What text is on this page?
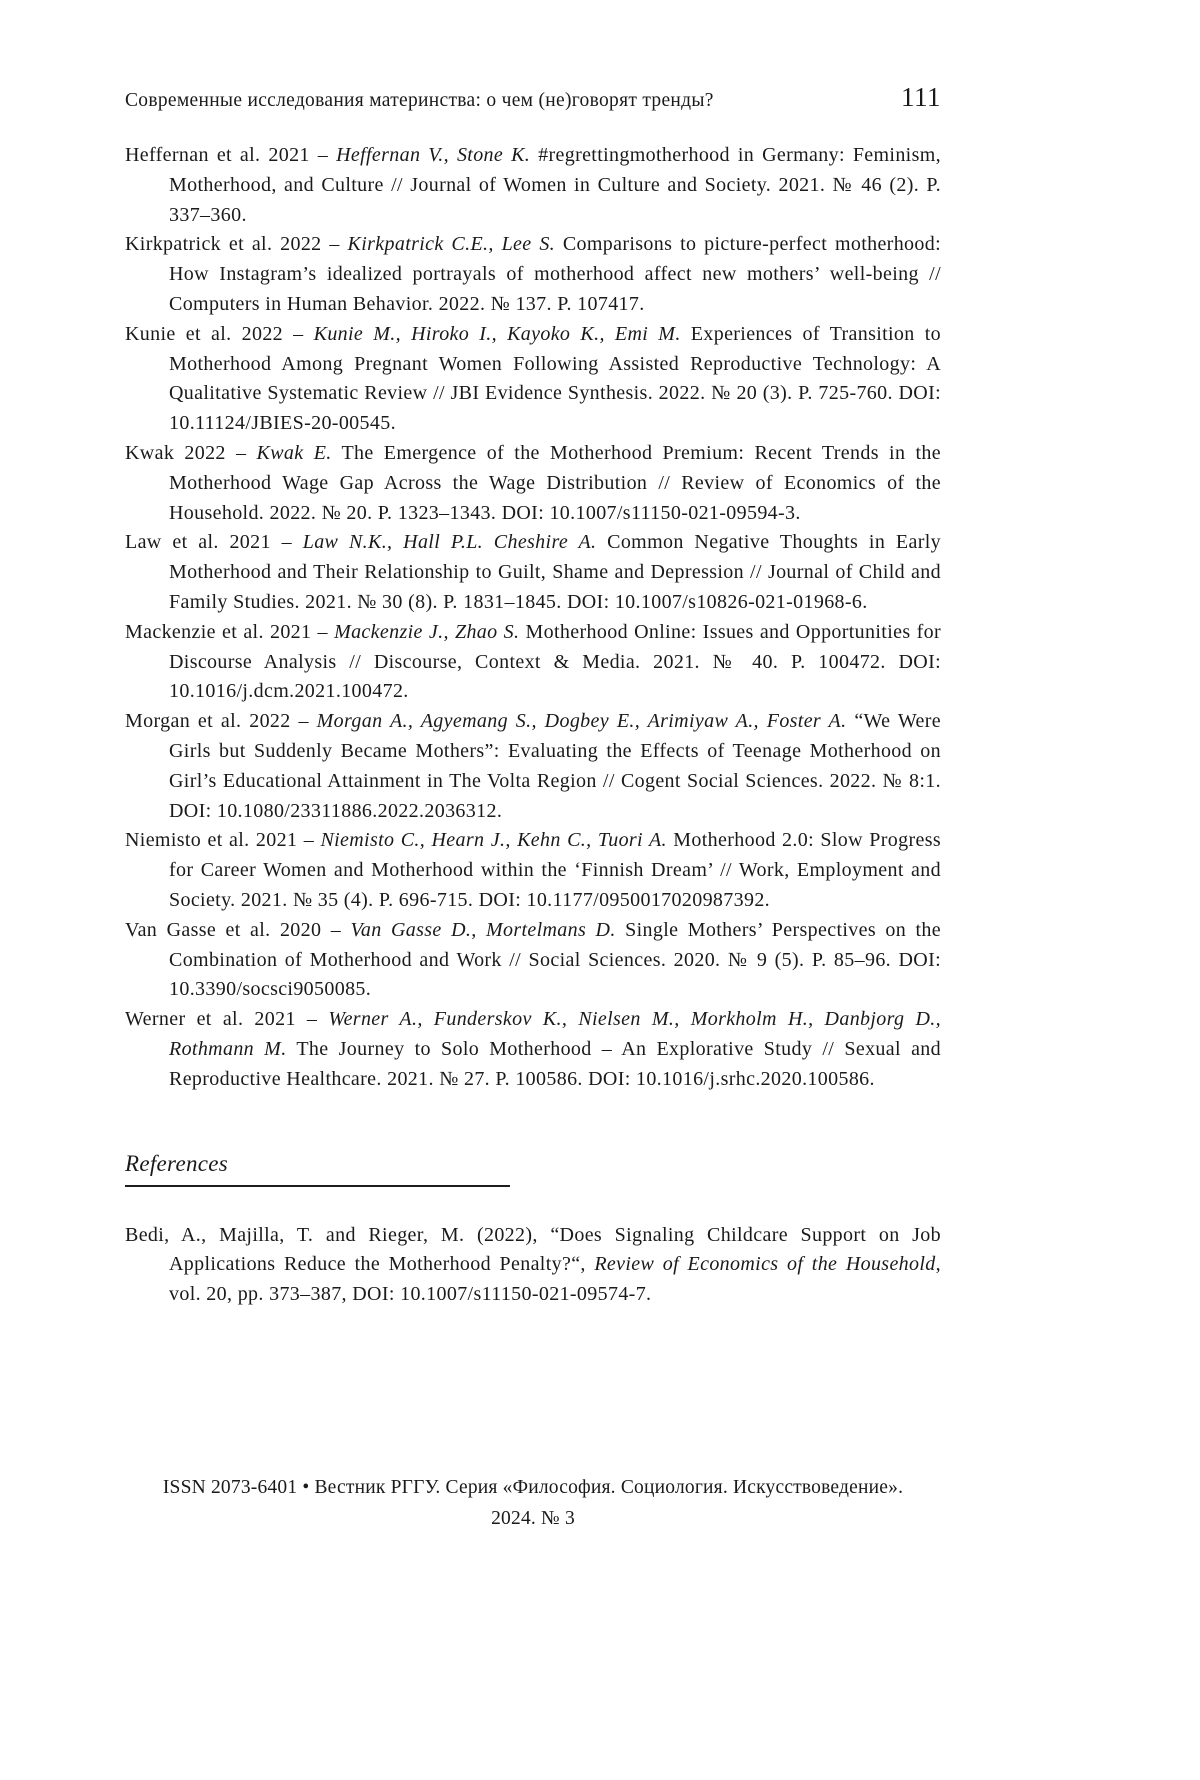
Современные исследования материнства: о чем (не)говорят тренды?	111

Heffernan et al. 2021 – Heffernan V., Stone K. #regrettingmotherhood in Germany: Feminism, Motherhood, and Culture // Journal of Women in Culture and Society. 2021. № 46 (2). P. 337–360.

Kirkpatrick et al. 2022 – Kirkpatrick C.E., Lee S. Comparisons to picture-perfect motherhood: How Instagram’s idealized portrayals of motherhood affect new mothers’ well-being // Computers in Human Behavior. 2022. № 137. P. 107417.

Kunie et al. 2022 – Kunie M., Hiroko I., Kayoko K., Emi M. Experiences of Transition to Motherhood Among Pregnant Women Following Assisted Reproductive Technology: A Qualitative Systematic Review // JBI Evidence Synthesis. 2022. № 20 (3). P. 725-760. DOI: 10.11124/JBIES-20-00545.

Kwak 2022 – Kwak E. The Emergence of the Motherhood Premium: Recent Trends in the Motherhood Wage Gap Across the Wage Distribution // Review of Economics of the Household. 2022. № 20. P. 1323–1343. DOI: 10.1007/s11150-021-09594-3.

Law et al. 2021 – Law N.K., Hall P.L. Cheshire A. Common Negative Thoughts in Early Motherhood and Their Relationship to Guilt, Shame and Depression // Journal of Child and Family Studies. 2021. № 30 (8). P. 1831–1845. DOI: 10.1007/s10826-021-01968-6.

Mackenzie et al. 2021 – Mackenzie J., Zhao S. Motherhood Online: Issues and Opportunities for Discourse Analysis // Discourse, Context & Media. 2021. № 40. P. 100472. DOI: 10.1016/j.dcm.2021.100472.

Morgan et al. 2022 – Morgan A., Agyemang S., Dogbey E., Arimiyaw A., Foster A. “We Were Girls but Suddenly Became Mothers”: Evaluating the Effects of Teenage Motherhood on Girl’s Educational Attainment in The Volta Region // Cogent Social Sciences. 2022. № 8:1. DOI: 10.1080/23311886.2022.2036312.

Niemisto et al. 2021 – Niemisto C., Hearn J., Kehn C., Tuori A. Motherhood 2.0: Slow Progress for Career Women and Motherhood within the ‘Finnish Dream’ // Work, Employment and Society. 2021. № 35 (4). P. 696-715. DOI: 10.1177/0950017020987392.

Van Gasse et al. 2020 – Van Gasse D., Mortelmans D. Single Mothers’ Perspectives on the Combination of Motherhood and Work // Social Sciences. 2020. № 9 (5). P. 85–96. DOI: 10.3390/socsci9050085.

Werner et al. 2021 – Werner A., Funderskov K., Nielsen M., Morkholm H., Danbjorg D., Rothmann M. The Journey to Solo Motherhood – An Explorative Study // Sexual and Reproductive Healthcare. 2021. № 27. P. 100586. DOI: 10.1016/j.srhc.2020.100586.

References

Bedi, A., Majilla, T. and Rieger, M. (2022), “Does Signaling Childcare Support on Job Applications Reduce the Motherhood Penalty?“, Review of Economics of the Household, vol. 20, pp. 373–387, DOI: 10.1007/s11150-021-09574-7.

ISSN 2073-6401 • Вестник РГГУ. Серия «Философия. Социология. Искусствоведение».
2024. № 3
